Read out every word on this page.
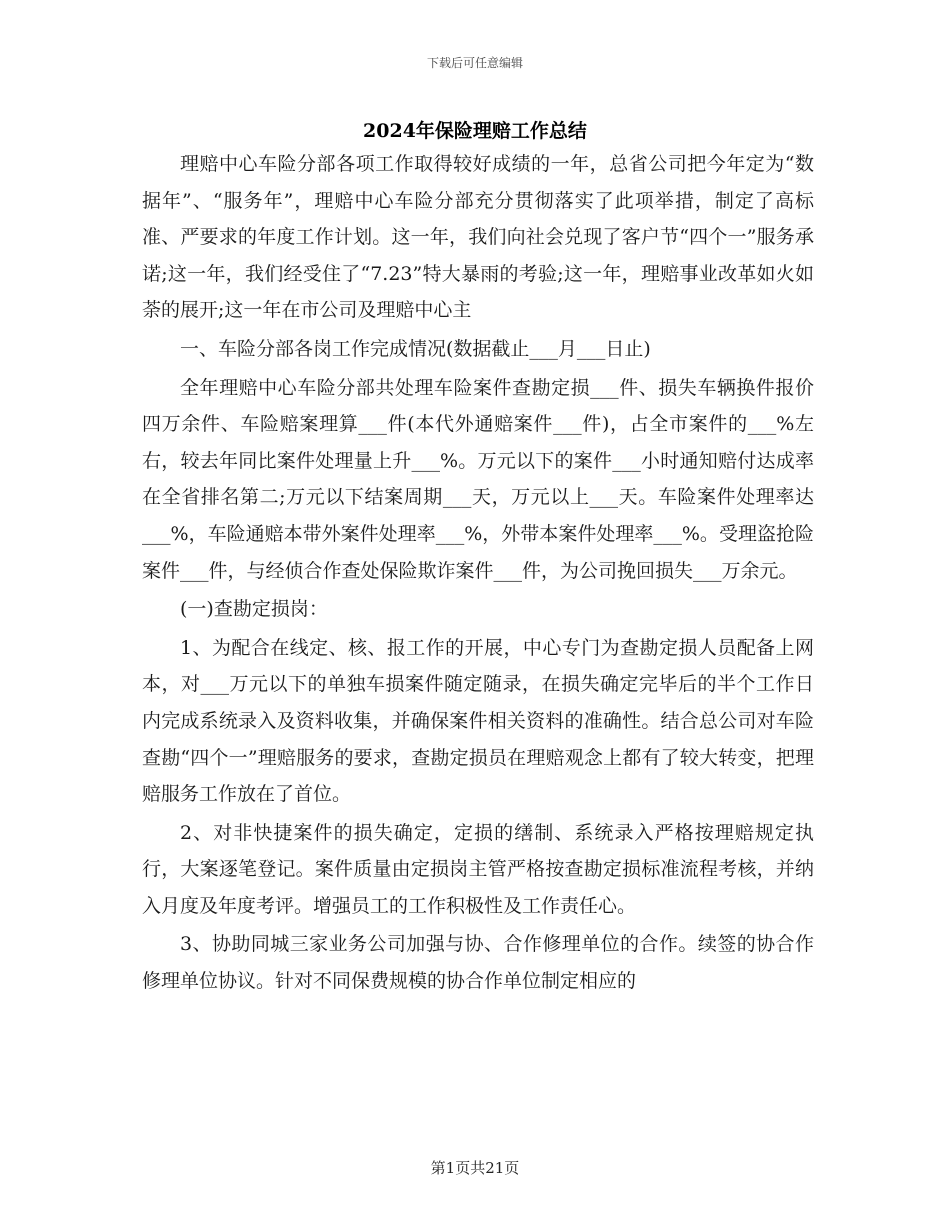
下载后可任意编辑
2024年保险理赔工作总结

理赔中心车险分部各项工作取得较好成绩的一年，总省公司把今年定为“数据年”、“服务年”，理赔中心车险分部充分贯彻落实了此项举措，制定了高标准、严要求的年度工作计划。这一年，我们向社会兑现了客户节“四个一”服务承诺;这一年，我们经受住了“7.23”特大暴雨的考验;这一年，理赔事业改革如火如荼的展开;这一年在市公司及理赔中心主

一、车险分部各岗工作完成情况(数据截止___月___日止)

全年理赔中心车险分部共处理车险案件查勘定损___件、损失车辆换件报价四万余件、车险赔案理算___件(本代外通赔案件___件)，占全市案件的___%左右，较去年同比案件处理量上升___%。万元以下的案件___小时通知赔付达成率在全省排名第二;万元以下结案周期___天，万元以上___天。车险案件处理率达___%，车险通赔本带外案件处理率___%，外带本案件处理率___%。受理盗抢险案件___件，与经侦合作查处保险欺诈案件___件，为公司挽回损失___万余元。

(一)查勘定损岗：

1、为配合在线定、核、报工作的开展，中心专门为查勘定损人员配备上网本，对___万元以下的单独车损案件随定随录，在损失确定完毕后的半个工作日内完成系统录入及资料收集，并确保案件相关资料的准确性。结合总公司对车险查勘“四个一”理赔服务的要求，查勘定损员在理赔观念上都有了较大转变，把理赔服务工作放在了首位。

2、对非快捷案件的损失确定，定损的缮制、系统录入严格按理赔规定执行，大案逐笔登记。案件质量由定损岗主管严格按查勘定损标准流程考核，并纳入月度及年度考评。增强员工的工作积极性及工作责任心。

3、协助同城三家业务公司加强与协、合作修理单位的合作。续签的协合作修理单位协议。针对不同保费规模的协合作单位制定相应的

第1页共21页
